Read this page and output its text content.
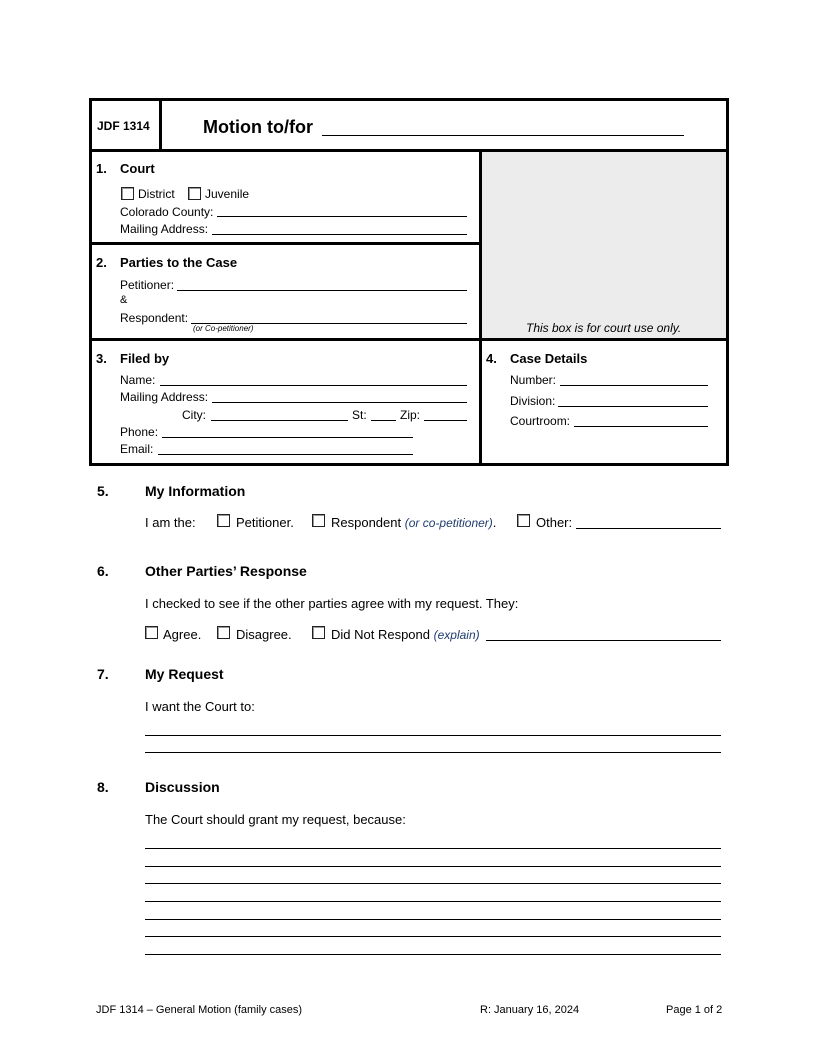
JDF 1314	Motion to/for
1. Court
District	Juvenile
Colorado County:
Mailing Address:
2. Parties to the Case
Petitioner:
&
Respondent:
(or Co-petitioner)	This box is for court use only.
3. Filed by
Name:
Mailing Address:
City:	St:	Zip:
Phone:
Email:
4. Case Details
Number:
Division:
Courtroom:
5.	My Information
I am the:	Petitioner.	Respondent (or co-petitioner).	Other:
6.	Other Parties’ Response
I checked to see if the other parties agree with my request. They:
Agree.	Disagree.	Did Not Respond (explain)
7.	My Request
I want the Court to:
8.	Discussion
The Court should grant my request, because:
JDF 1314 – General Motion (family cases)	R: January 16, 2024	Page 1 of 2
